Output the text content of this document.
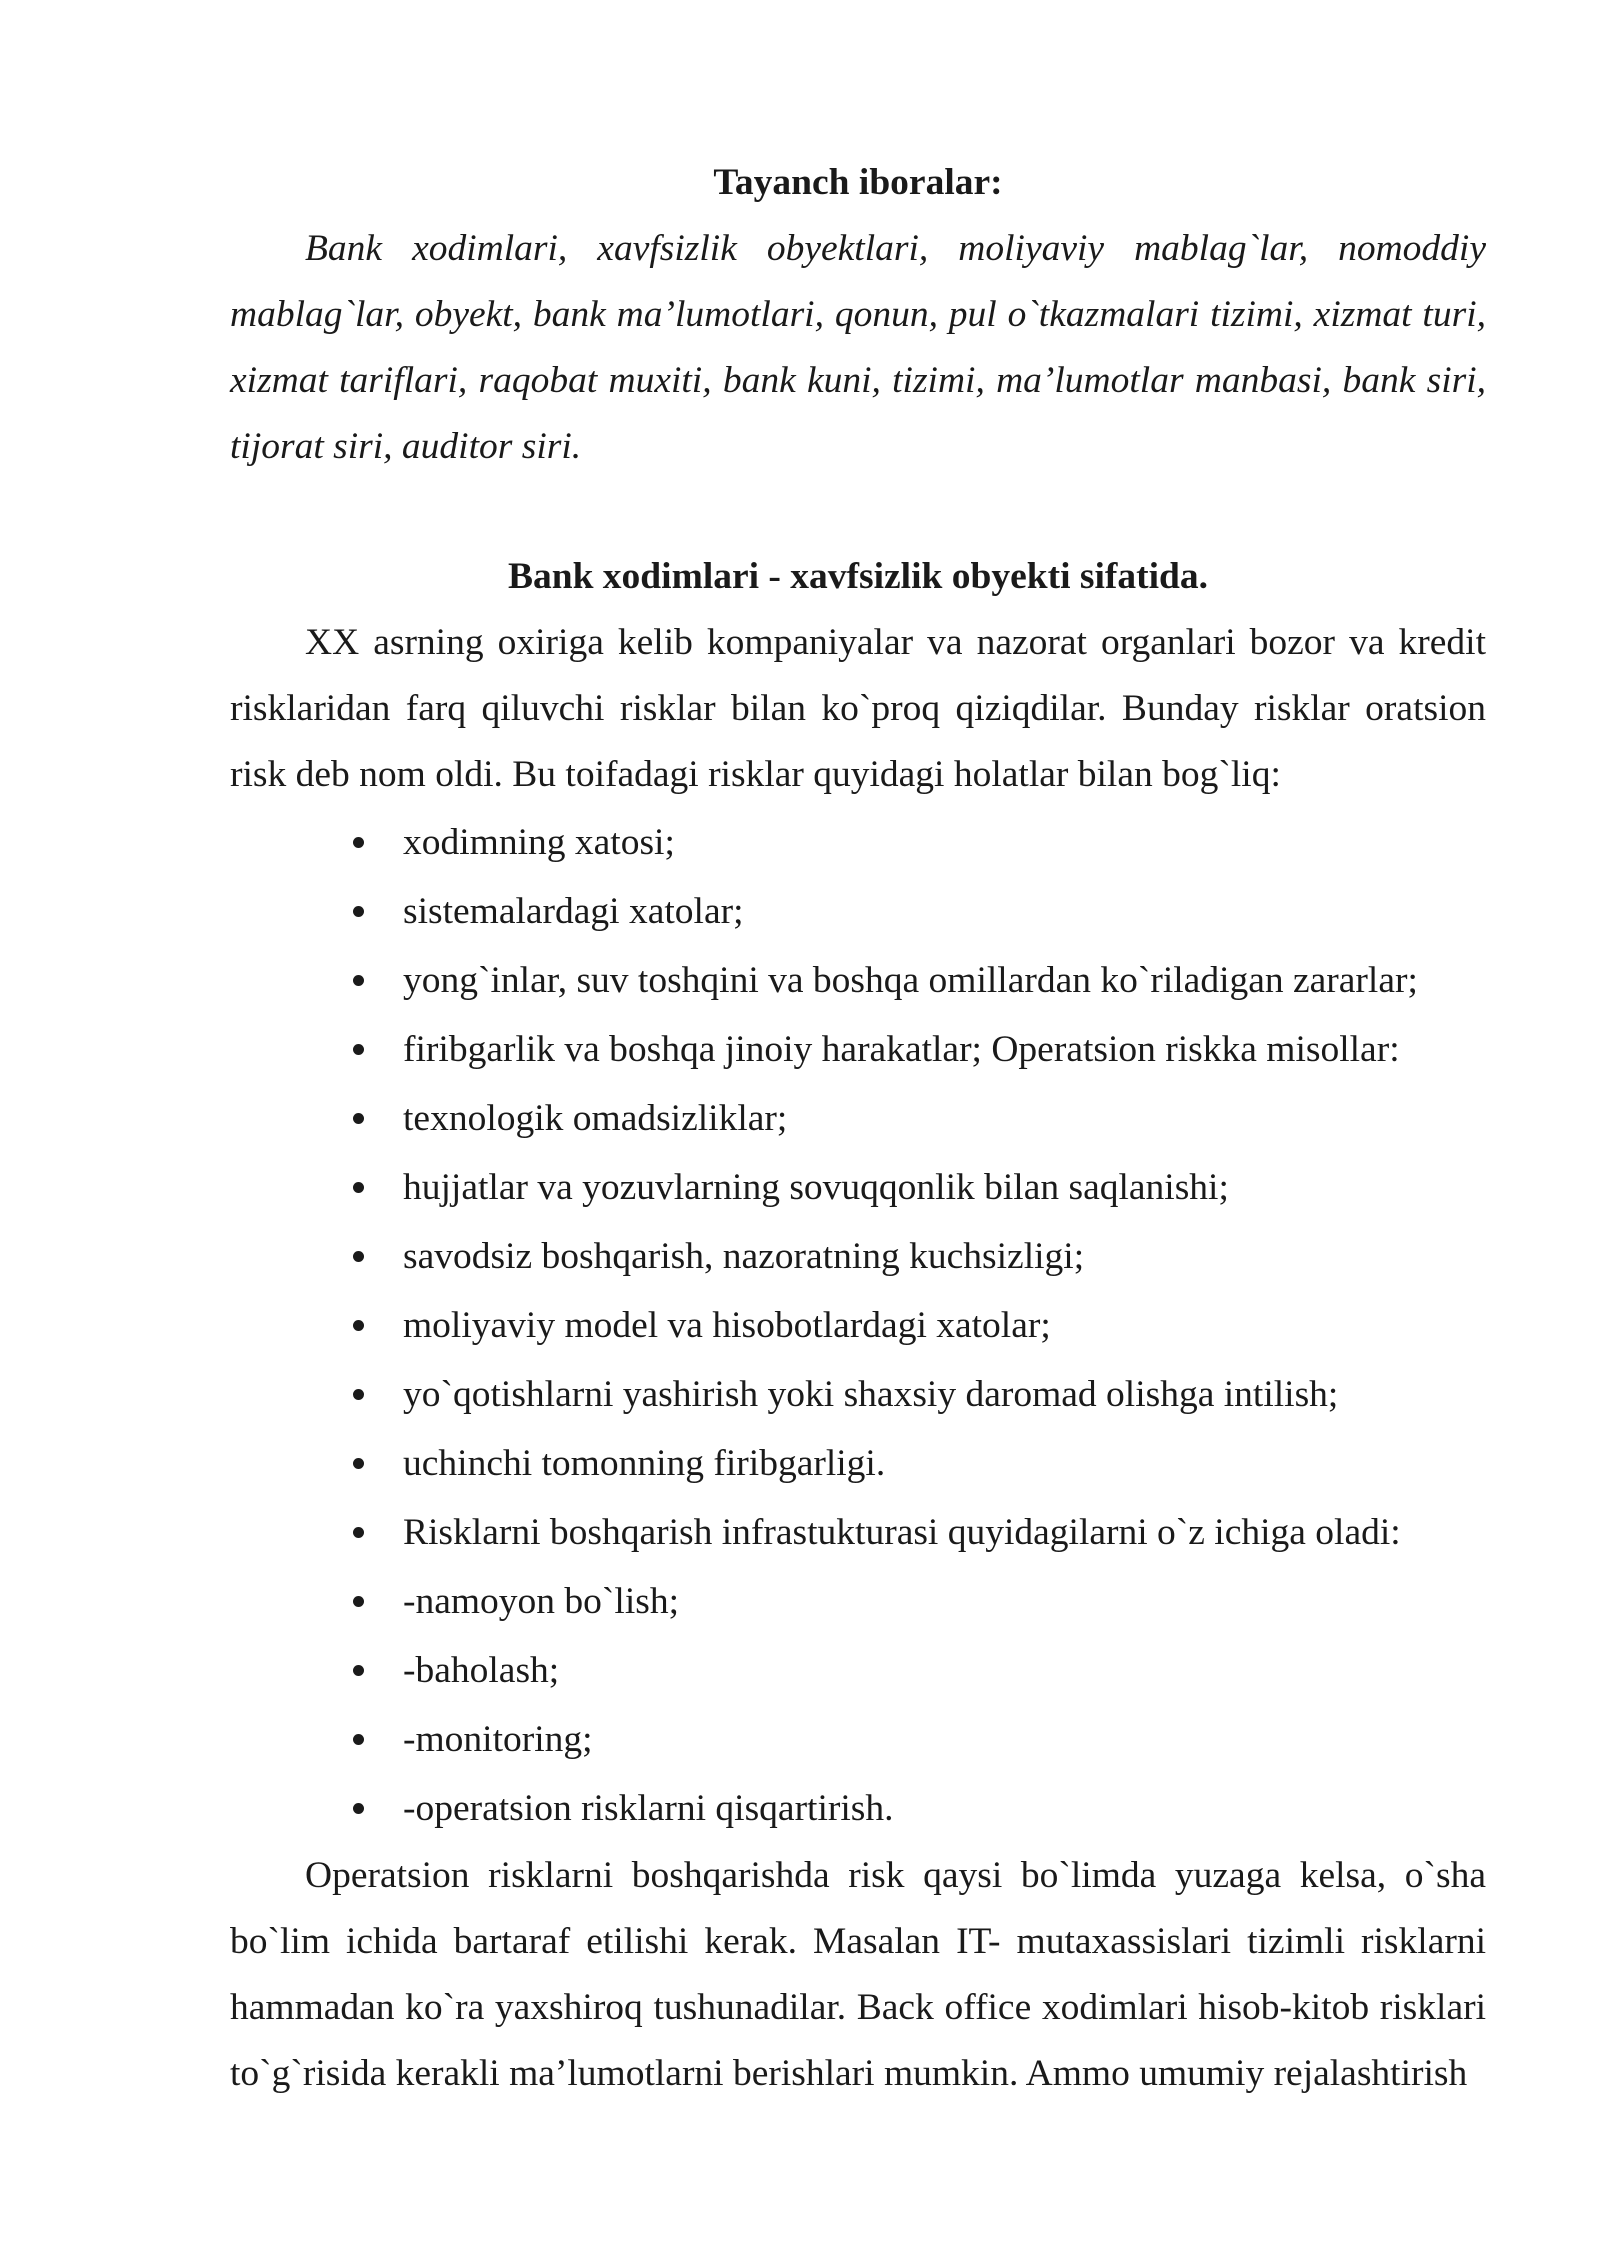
Tayanch iboralar:

Bank xodimlari, xavfsizlik obyektlari, moliyaviy mablag`lar, nomoddiy mablag`lar, obyekt, bank ma’lumotlari, qonun, pul o`tkazmalari tizimi, xizmat turi, xizmat tariflari, raqobat muxiti, bank kuni, tizimi, ma’lumotlar manbasi, bank siri, tijorat siri, auditor siri.

Bank xodimlari - xavfsizlik obyekti sifatida.

XX asrning oxiriga kelib kompaniyalar va nazorat organlari bozor va kredit risklaridan farq qiluvchi risklar bilan ko`proq qiziqdilar. Bunday risklar oratsion risk deb nom oldi. Bu toifadagi risklar quyidagi holatlar bilan bog`liq:

xodimning xatosi;
sistemalardagi xatolar;
yong`inlar, suv toshqini va boshqa omillardan ko`riladigan zararlar;
firibgarlik va boshqa jinoiy harakatlar; Operatsion riskka misollar:
texnologik omadsizliklar;
hujjatlar va yozuvlarning sovuqqonlik bilan saqlanishi;
savodsiz boshqarish, nazoratning kuchsizligi;
moliyaviy model va hisobotlardagi xatolar;
yo`qotishlarni yashirish yoki shaxsiy daromad olishga intilish;
uchinchi tomonning firibgarligi.
Risklarni boshqarish infrastukturasi quyidagilarni o`z ichiga oladi:
-namoyon bo`lish;
-baholash;
-monitoring;
-operatsion risklarni qisqartirish.

Operatsion risklarni boshqarishda risk qaysi bo`limda yuzaga kelsa, o`sha bo`lim ichida bartaraf etilishi kerak. Masalan IT- mutaxassislari tizimli risklarni hammadan ko`ra yaxshiroq tushunadilar. Back office xodimlari hisob-kitob risklari to`g`risida kerakli ma’lumotlarni berishlari mumkin. Ammo umumiy rejalashtirish
